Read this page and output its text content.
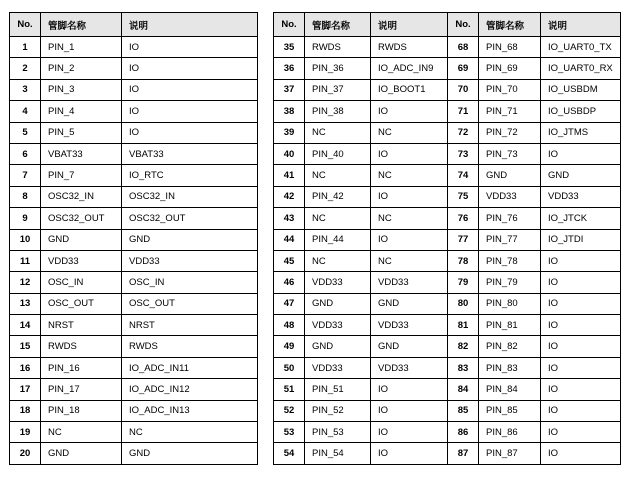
No.	管脚名称	说明
1	PIN_1	IO
2	PIN_2	IO
3	PIN_3	IO
4	PIN_4	IO
5	PIN_5	IO
6	VBAT33	VBAT33
7	PIN_7	IO_RTC
8	OSC32_IN	OSC32_IN
9	OSC32_OUT	OSC32_OUT
10	GND	GND
11	VDD33	VDD33
12	OSC_IN	OSC_IN
13	OSC_OUT	OSC_OUT
14	NRST	NRST
15	RWDS	RWDS
16	PIN_16	IO_ADC_IN11
17	PIN_17	IO_ADC_IN12
18	PIN_18	IO_ADC_IN13
19	NC	NC
20	GND	GND
No.	管脚名称	说明
35	RWDS	RWDS
36	PIN_36	IO_ADC_IN9
37	PIN_37	IO_BOOT1
38	PIN_38	IO
39	NC	NC
40	PIN_40	IO
41	NC	NC
42	PIN_42	IO
43	NC	NC
44	PIN_44	IO
45	NC	NC
46	VDD33	VDD33
47	GND	GND
48	VDD33	VDD33
49	GND	GND
50	VDD33	VDD33
51	PIN_51	IO
52	PIN_52	IO
53	PIN_53	IO
54	PIN_54	IO
No.	管脚名称	说明
68	PIN_68	IO_UART0_TX
69	PIN_69	IO_UART0_RX
70	PIN_70	IO_USBDM
71	PIN_71	IO_USBDP
72	PIN_72	IO_JTMS
73	PIN_73	IO
74	GND	GND
75	VDD33	VDD33
76	PIN_76	IO_JTCK
77	PIN_77	IO_JTDI
78	PIN_78	IO
79	PIN_79	IO
80	PIN_80	IO
81	PIN_81	IO
82	PIN_82	IO
83	PIN_83	IO
84	PIN_84	IO
85	PIN_85	IO
86	PIN_86	IO
87	PIN_87	IO
